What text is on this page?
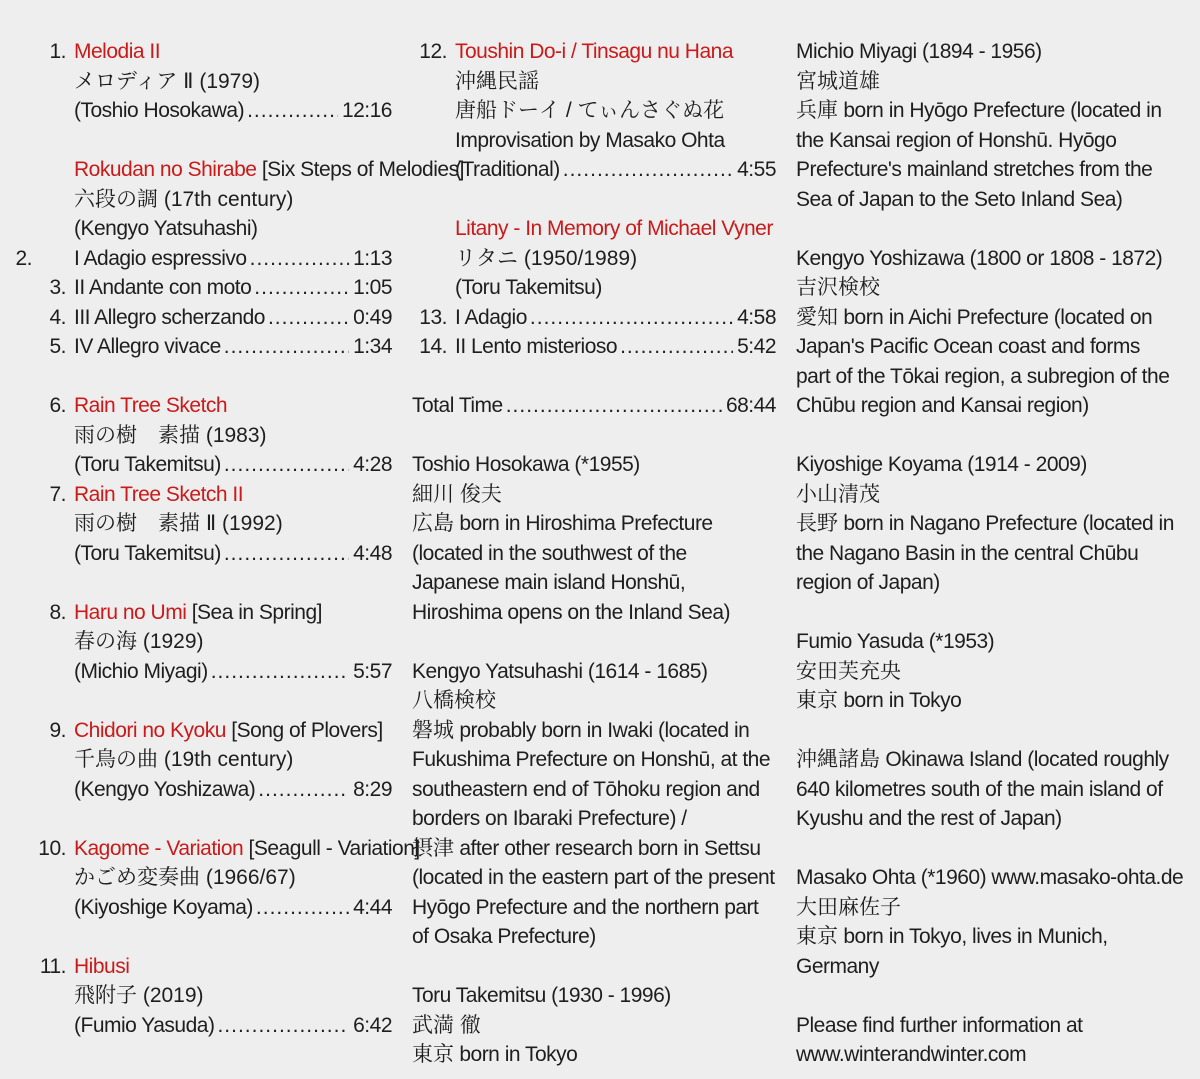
1. Melodia II
メロディア Ⅱ (1979)
(Toshio Hosokawa) .....	12:16
Rokudan no Shirabe [Six Steps of Melodies]
六段の調 (17th century)
(Kengyo Yatsuhashi)
2. I Adagio espressivo .....	1:13
3. II Andante con moto .....	1:05
4. III Allegro scherzando .....	0:49
5. IV Allegro vivace .....	1:34
6. Rain Tree Sketch
雨の樹　素描 (1983)
(Toru Takemitsu) .....	4:28
7. Rain Tree Sketch II
雨の樹　素描 Ⅱ (1992)
(Toru Takemitsu) .....	4:48
8. Haru no Umi [Sea in Spring]
春の海 (1929)
(Michio Miyagi) .....	5:57
9. Chidori no Kyoku [Song of Plovers]
千鳥の曲 (19th century)
(Kengyo Yoshizawa) .....	8:29
10. Kagome - Variation [Seagull - Variation]
かごめ変奏曲 (1966/67)
(Kiyoshige Koyama) .....	4:44
11. Hibusi
飛附子 (2019)
(Fumio Yasuda) .....	6:42
12. Toushin Do-i / Tinsagu nu Hana
沖縄民謡
唐船ドーイ / てぃんさぐぬ花
Improvisation by Masako Ohta
(Traditional) .....	4:55
Litany - In Memory of Michael Vyner
リタニ (1950/1989)
(Toru Takemitsu)
13. I Adagio .....	4:58
14. II Lento misterioso .....	5:42
Total Time .....	68:44
Toshio Hosokawa (*1955)
細川 俊夫
広島 born in Hiroshima Prefecture (located in the southwest of the Japanese main island Honshū, Hiroshima opens on the Inland Sea)
Kengyo Yatsuhashi (1614 - 1685)
八橋検校
磐城 probably born in Iwaki (located in Fukushima Prefecture on Honshū, at the southeastern end of Tōhoku region and borders on Ibaraki Prefecture) /
摂津 after other research born in Settsu (located in the eastern part of the present Hyōgo Prefecture and the northern part of Osaka Prefecture)
Toru Takemitsu (1930 - 1996)
武満 徹
東京 born in Tokyo
Michio Miyagi (1894 - 1956)
宮城道雄
兵庫 born in Hyōgo Prefecture (located in the Kansai region of Honshū. Hyōgo Prefecture's mainland stretches from the Sea of Japan to the Seto Inland Sea)
Kengyo Yoshizawa (1800 or 1808 - 1872)
吉沢検校
愛知 born in Aichi Prefecture (located on Japan's Pacific Ocean coast and forms part of the Tōkai region, a subregion of the Chūbu region and Kansai region)
Kiyoshige Koyama (1914 - 2009)
小山清茂
長野 born in Nagano Prefecture (located in the Nagano Basin in the central Chūbu region of Japan)
Fumio Yasuda (*1953)
安田芙充央
東京 born in Tokyo
沖縄諸島 Okinawa Island (located roughly 640 kilometres south of the main island of Kyushu and the rest of Japan)
Masako Ohta (*1960) www.masako-ohta.de
大田麻佐子
東京 born in Tokyo, lives in Munich, Germany
Please find further information at
www.winterandwinter.com
